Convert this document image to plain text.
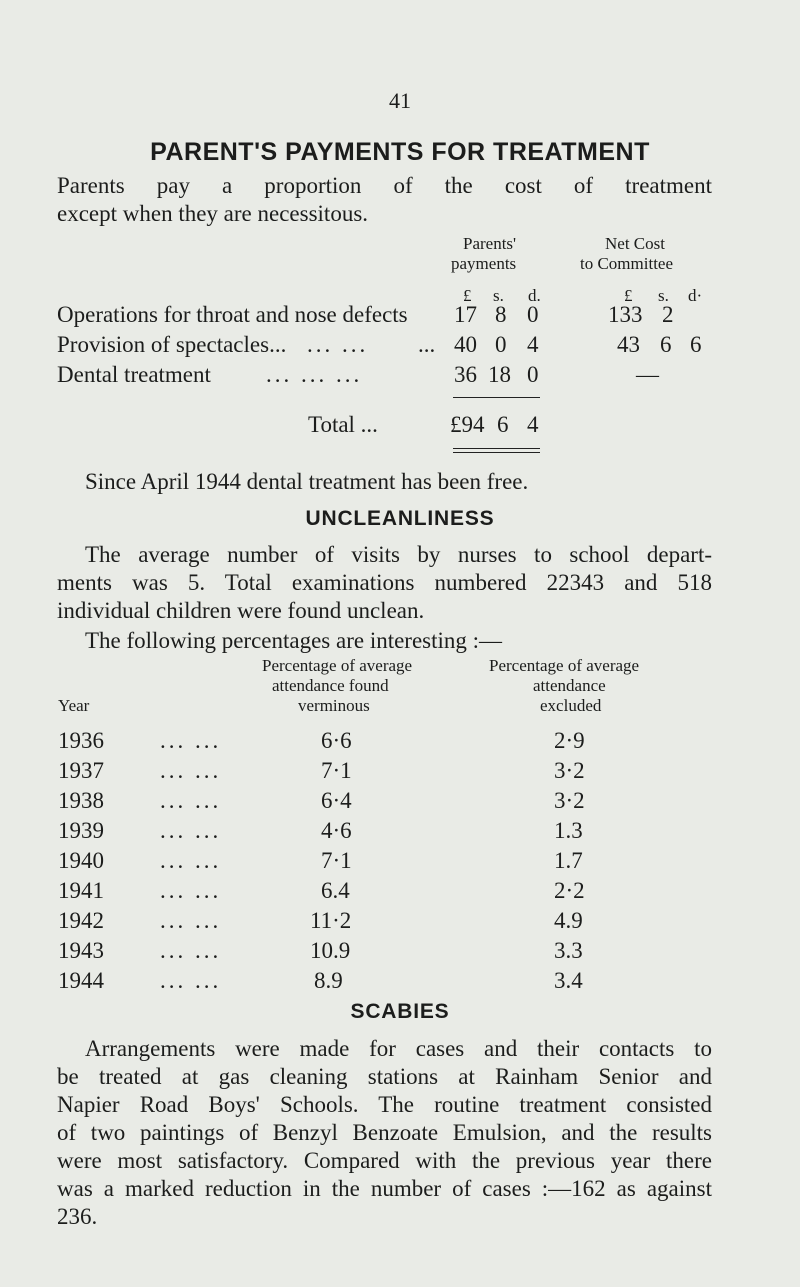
41
PARENT'S PAYMENTS FOR TREATMENT
Parents pay a proportion of the cost of treatment
except when they are necessitous.
Parents'
payments
Net Cost
to Committee
£ s. d.	£ s. d·
Operations for throat and nose defects 17 8 0	133 2
Provision of spectacles... ... ... ... 40 0 4	43 6 6
Dental treatment ... ... ...	36 18 0	—
Total ...	£94 6 4
Since April 1944 dental treatment has been free.
UNCLEANLINESS
The average number of visits by nurses to school depart-
ments was 5. Total examinations numbered 22343 and 518
individual children were found unclean.
The following percentages are interesting :—
Percentage of average
attendance found
verminous
Percentage of average
attendance
excluded
Year
1936 ... ...	6·6	2·9
1937 ... ...	7·1	3·2
1938 ... ...	6·4	3·2
1939 ... ...	4·6	1.3
1940 ... ...	7·1	1.7
1941 ... ...	6.4	2·2
1942 ... ...	11·2	4.9
1943 ... ...	10.9	3.3
1944 ... ...	8.9	3.4
SCABIES
Arrangements were made for cases and their contacts to
be treated at gas cleaning stations at Rainham Senior and
Napier Road Boys' Schools. The routine treatment consisted
of two paintings of Benzyl Benzoate Emulsion, and the results
were most satisfactory. Compared with the previous year there
was a marked reduction in the number of cases :—162 as against
236.
